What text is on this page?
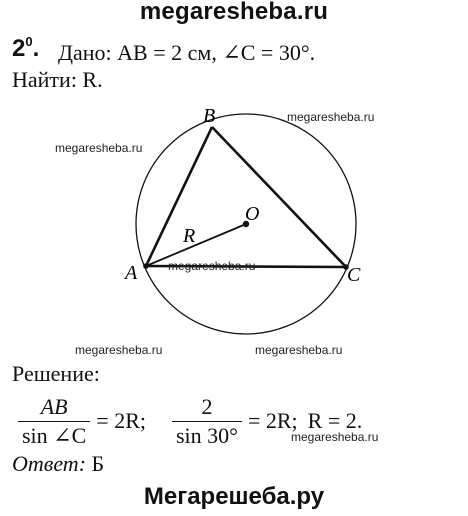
megaresheba.ru
$2^0$. Дано: AB = 2 см, ∠C = 30°.
Найти: R.
B
A	C
O
R
megaresheba.ru
megaresheba.ru
megaresheba.ru
megaresheba.ru	megaresheba.ru
megaresheba.ru
Решение:
$\frac{AB}{\sin \angle C} = 2R$; $\frac{2}{\sin 30^\circ} = 2R$; R = 2.
Ответ: Б
Мегарешеба.ру
